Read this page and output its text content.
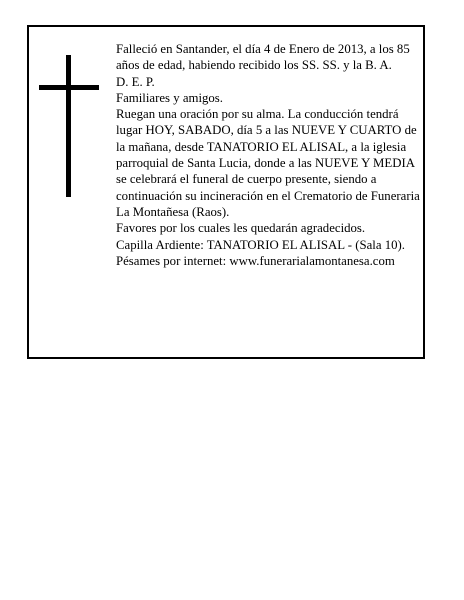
Falleció en Santander, el día 4 de Enero de 2013, a los 85 años de edad, habiendo recibido los SS. SS. y la B. A.

D. E. P.

Familiares y amigos.

Ruegan una oración por su alma. La conducción tendrá lugar HOY, SABADO, día 5 a las NUEVE Y CUARTO de la mañana, desde TANATORIO EL ALISAL, a la iglesia parroquial de Santa Lucia, donde a las NUEVE Y MEDIA se celebrará el funeral de cuerpo presente, siendo a continuación su incineración en el Crematorio de Funeraria La Montañesa (Raos).

Favores por los cuales les quedarán agradecidos.

Capilla Ardiente: TANATORIO EL ALISAL - (Sala 10).

Pésames por internet: www.funerarialamontanesa.com
